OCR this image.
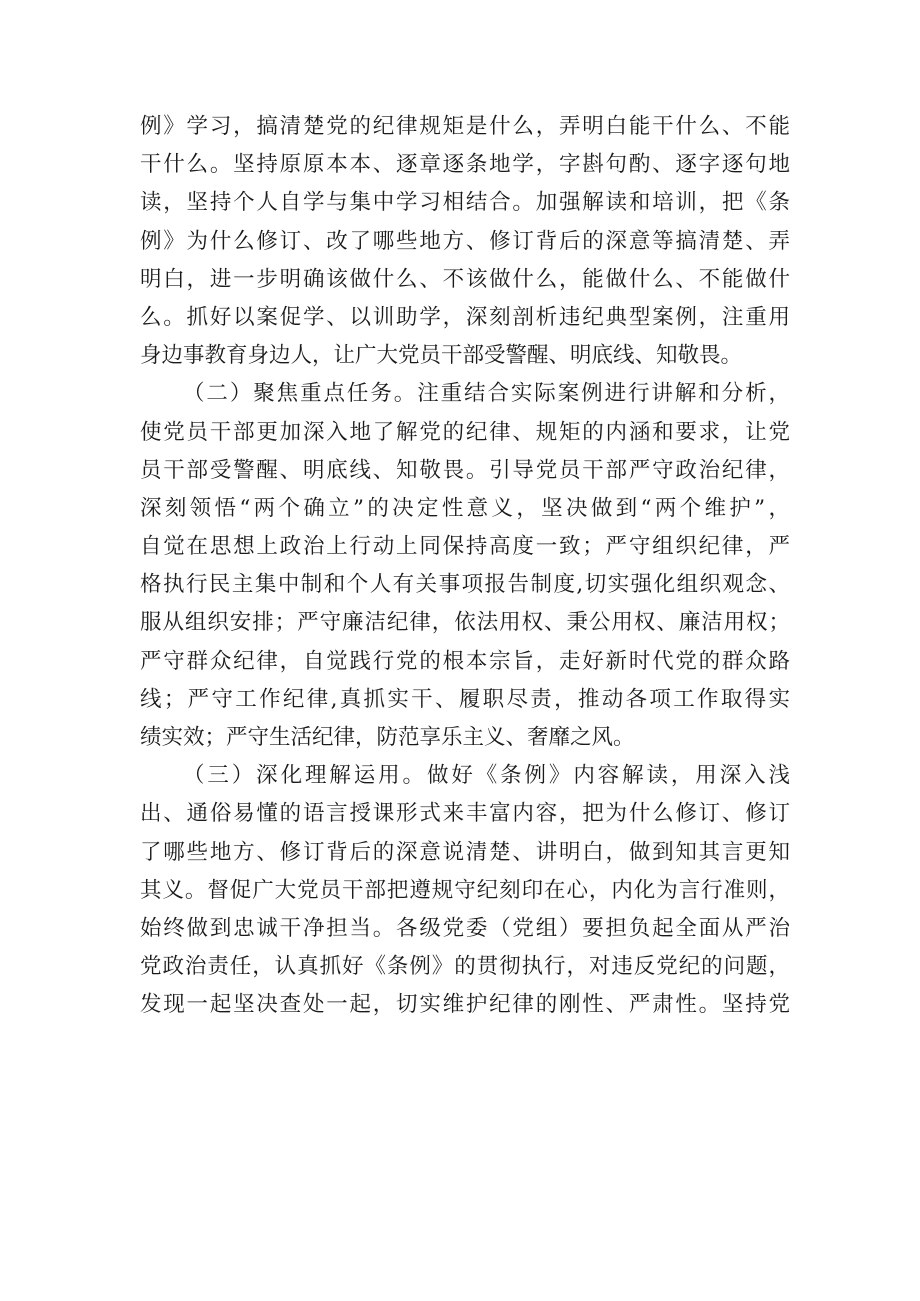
例》学习，搞清楚党的纪律规矩是什么，弄明白能干什么、不能
干什么。坚持原原本本、逐章逐条地学，字斟句酌、逐字逐句地
读，坚持个人自学与集中学习相结合。加强解读和培训，把《条
例》为什么修订、改了哪些地方、修订背后的深意等搞清楚、弄
明白，进一步明确该做什么、不该做什么，能做什么、不能做什
么。抓好以案促学、以训助学，深刻剖析违纪典型案例，注重用
身边事教育身边人，让广大党员干部受警醒、明底线、知敬畏。
（二）聚焦重点任务。注重结合实际案例进行讲解和分析，
使党员干部更加深入地了解党的纪律、规矩的内涵和要求，让党
员干部受警醒、明底线、知敬畏。引导党员干部严守政治纪律，
深刻领悟“两个确立”的决定性意义，坚决做到“两个维护”，
自觉在思想上政治上行动上同保持高度一致；严守组织纪律，严
格执行民主集中制和个人有关事项报告制度,切实强化组织观念、
服从组织安排；严守廉洁纪律，依法用权、秉公用权、廉洁用权；
严守群众纪律，自觉践行党的根本宗旨，走好新时代党的群众路
线；严守工作纪律,真抓实干、履职尽责，推动各项工作取得实
绩实效；严守生活纪律，防范享乐主义、奢靡之风。
（三）深化理解运用。做好《条例》内容解读，用深入浅
出、通俗易懂的语言授课形式来丰富内容，把为什么修订、修订
了哪些地方、修订背后的深意说清楚、讲明白，做到知其言更知
其义。督促广大党员干部把遵规守纪刻印在心，内化为言行准则，
始终做到忠诚干净担当。各级党委（党组）要担负起全面从严治
党政治责任，认真抓好《条例》的贯彻执行，对违反党纪的问题，
发现一起坚决查处一起，切实维护纪律的刚性、严肃性。坚持党
